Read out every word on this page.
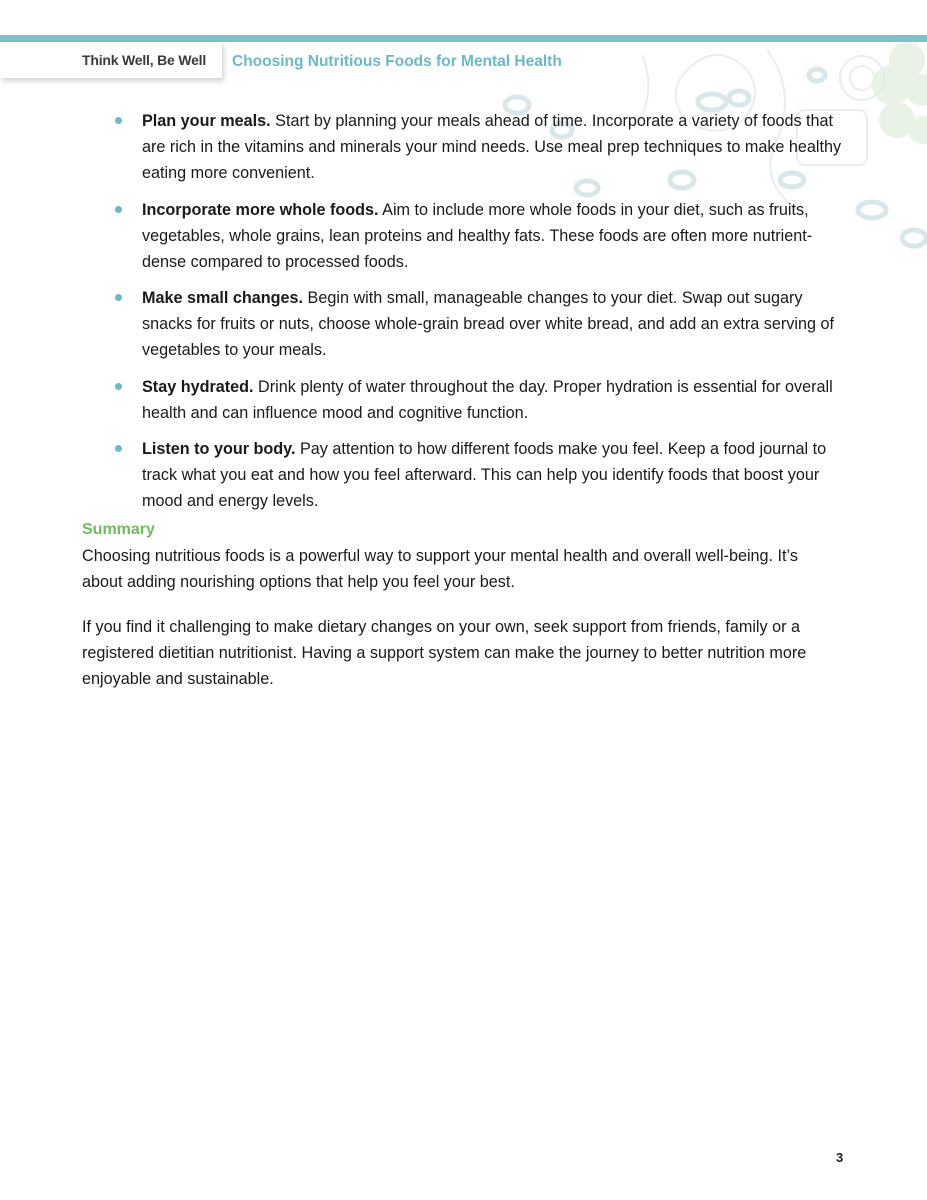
Think Well, Be Well Choosing Nutritious Foods for Mental Health
Plan your meals. Start by planning your meals ahead of time. Incorporate a variety of foods that are rich in the vitamins and minerals your mind needs. Use meal prep techniques to make healthy eating more convenient.
Incorporate more whole foods. Aim to include more whole foods in your diet, such as fruits, vegetables, whole grains, lean proteins and healthy fats. These foods are often more nutrient-dense compared to processed foods.
Make small changes. Begin with small, manageable changes to your diet. Swap out sugary snacks for fruits or nuts, choose whole-grain bread over white bread, and add an extra serving of vegetables to your meals.
Stay hydrated. Drink plenty of water throughout the day. Proper hydration is essential for overall health and can influence mood and cognitive function.
Listen to your body. Pay attention to how different foods make you feel. Keep a food journal to track what you eat and how you feel afterward. This can help you identify foods that boost your mood and energy levels.
Summary

Choosing nutritious foods is a powerful way to support your mental health and overall well-being. It’s about adding nourishing options that help you feel your best.

If you find it challenging to make dietary changes on your own, seek support from friends, family or a registered dietitian nutritionist. Having a support system can make the journey to better nutrition more enjoyable and sustainable.

3
